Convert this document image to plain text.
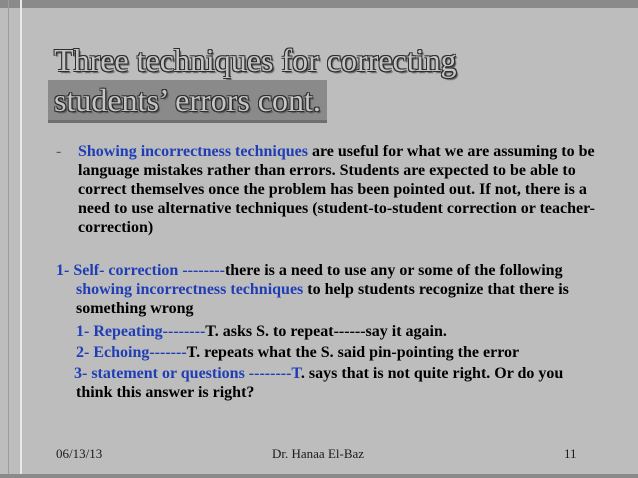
Three techniques for correcting
students’ errors cont.
- Showing incorrectness techniques are useful for what we are assuming to be language mistakes rather than errors. Students are expected to be able to correct themselves once the problem has been pointed out. If not, there is a need to use alternative techniques (student-to-student correction or teacher-correction)

1- Self- correction --------there is a need to use any or some of the following showing incorrectness techniques to help students recognize that there is something wrong

1- Repeating--------T. asks S. to repeat------say it again.

2- Echoing-------T. repeats what the S. said pin-pointing the error

3- statement or questions --------T. says that is not quite right. Or do you think this answer is right?

06/13/13	Dr. Hanaa El-Baz	11
